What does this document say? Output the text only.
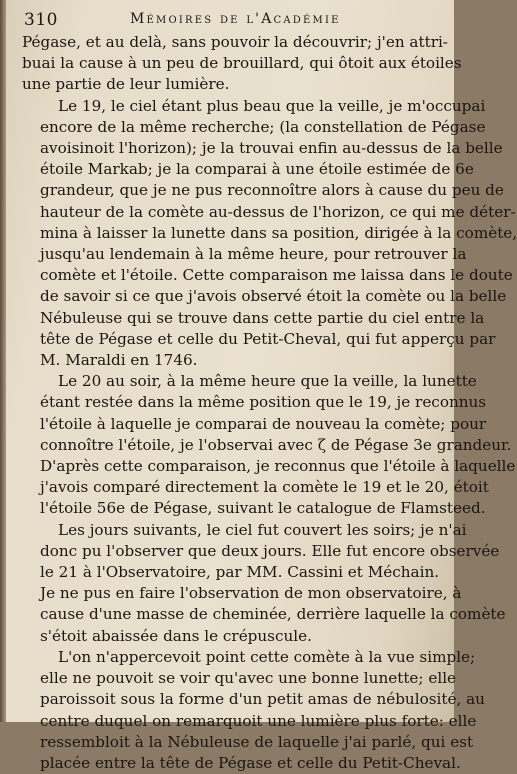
310	Mémoires de l'Académie
Pégase, et au delà, sans pouvoir la découvrir; j'en attri-
buai la cause à un peu de brouillard, qui ôtoit aux étoiles
une partie de leur lumière.
Le 19, le ciel étant plus beau que la veille, je m'occupai
encore de la même recherche; (la constellation de Pégase
avoisinoit l'horizon); je la trouvai enfin au-dessus de la belle
étoile Markab; je la comparai à une étoile estimée de 6e
grandeur, que je ne pus reconnoître alors à cause du peu de
hauteur de la comète au-dessus de l'horizon, ce qui me déter-
mina à laisser la lunette dans sa position, dirigée à la comète,
jusqu'au lendemain à la même heure, pour retrouver la
comète et l'étoile. Cette comparaison me laissa dans le doute
de savoir si ce que j'avois observé étoit la comète ou la belle
Nébuleuse qui se trouve dans cette partie du ciel entre la
tête de Pégase et celle du Petit-Cheval, qui fut apperçu par
M. Maraldi en 1746.
Le 20 au soir, à la même heure que la veille, la lunette
étant restée dans la même position que le 19, je reconnus
l'étoile à laquelle je comparai de nouveau la comète; pour
connoître l'étoile, je l'observai avec ζ de Pégase 3e grandeur.
D'après cette comparaison, je reconnus que l'étoile à laquelle
j'avois comparé directement la comète le 19 et le 20, étoit
l'étoile 56e de Pégase, suivant le catalogue de Flamsteed.
Les jours suivants, le ciel fut couvert les soirs; je n'ai
donc pu l'observer que deux jours. Elle fut encore observée
le 21 à l'Observatoire, par MM. Cassini et Méchain.
Je ne pus en faire l'observation de mon observatoire, à
cause d'une masse de cheminée, derrière laquelle la comète
s'étoit abaissée dans le crépuscule.
L'on n'appercevoit point cette comète à la vue simple;
elle ne pouvoit se voir qu'avec une bonne lunette; elle
paroissoit sous la forme d'un petit amas de nébulosité, au
centre duquel on remarquoit une lumière plus forte: elle
ressembloit à la Nébuleuse de laquelle j'ai parlé, qui est
placée entre la tête de Pégase et celle du Petit-Cheval.
